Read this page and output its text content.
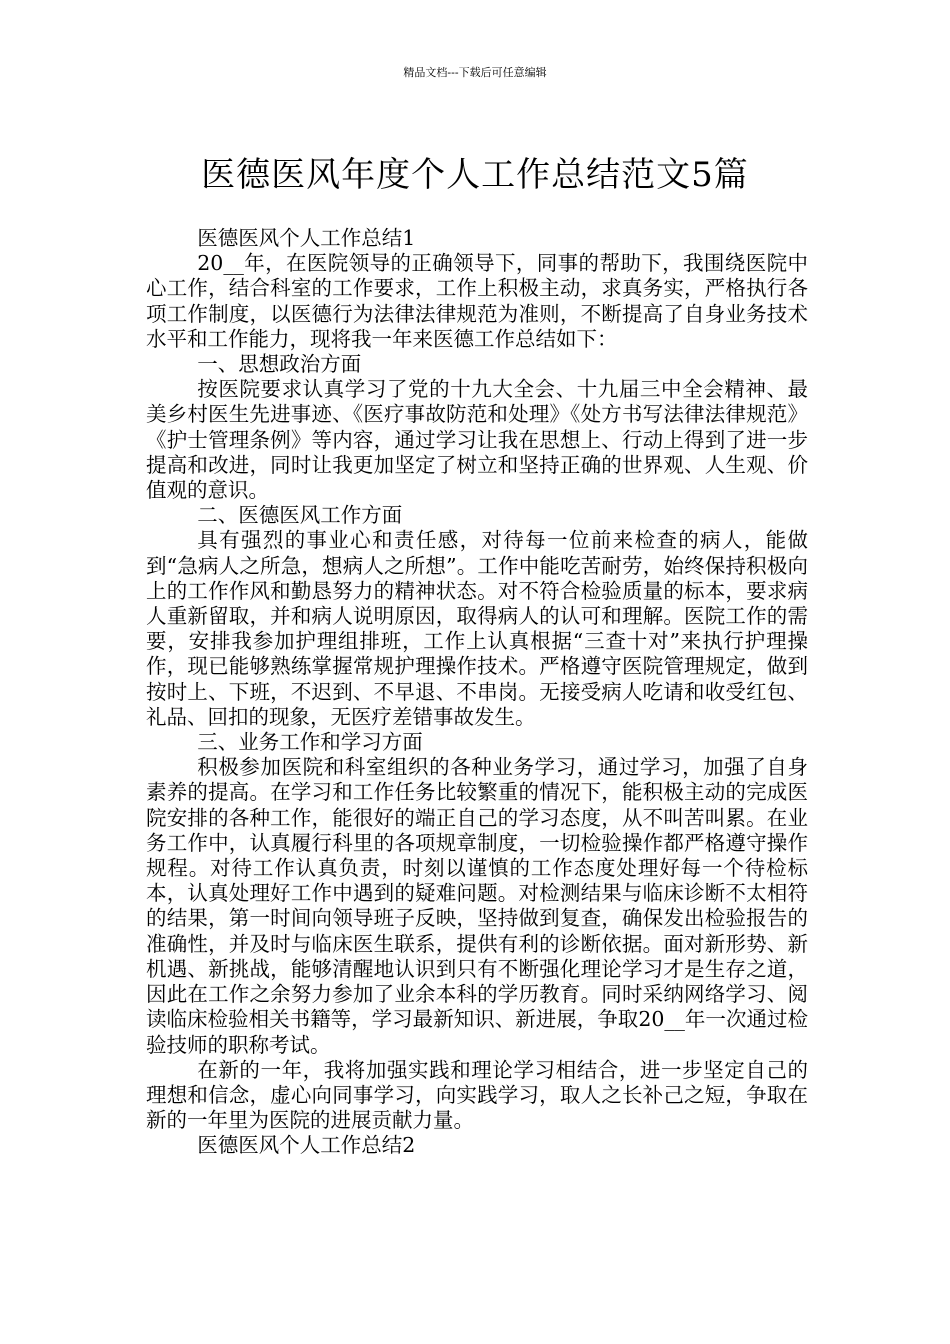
精品文档---下载后可任意编辑
医德医风年度个人工作总结范文5篇

医德医风个人工作总结1

20__年，在医院领导的正确领导下，同事的帮助下，我围绕医院中心工作，结合科室的工作要求，工作上积极主动，求真务实，严格执行各项工作制度，以医德行为法律法律规范为准则，不断提高了自身业务技术水平和工作能力，现将我一年来医德工作总结如下：

一、思想政治方面

按医院要求认真学习了党的十九大全会、十九届三中全会精神、最美乡村医生先进事迹、《医疗事故防范和处理》《处方书写法律法律规范》《护士管理条例》等内容，通过学习让我在思想上、行动上得到了进一步提高和改进，同时让我更加坚定了树立和坚持正确的世界观、人生观、价值观的意识。

二、医德医风工作方面

具有强烈的事业心和责任感，对待每一位前来检查的病人，能做到“急病人之所急，想病人之所想”。工作中能吃苦耐劳，始终保持积极向上的工作作风和勤恳努力的精神状态。对不符合检验质量的标本，要求病人重新留取，并和病人说明原因，取得病人的认可和理解。医院工作的需要，安排我参加护理组排班，工作上认真根据“三查十对”来执行护理操作，现已能够熟练掌握常规护理操作技术。严格遵守医院管理规定，做到按时上、下班，不迟到、不早退、不串岗。无接受病人吃请和收受红包、礼品、回扣的现象，无医疗差错事故发生。

三、业务工作和学习方面

积极参加医院和科室组织的各种业务学习，通过学习，加强了自身素养的提高。在学习和工作任务比较繁重的情况下，能积极主动的完成医院安排的各种工作，能很好的端正自己的学习态度，从不叫苦叫累。在业务工作中，认真履行科里的各项规章制度，一切检验操作都严格遵守操作规程。对待工作认真负责，时刻以谨慎的工作态度处理好每一个待检标本，认真处理好工作中遇到的疑难问题。对检测结果与临床诊断不太相符的结果，第一时间向领导班子反映，坚持做到复查，确保发出检验报告的准确性，并及时与临床医生联系，提供有利的诊断依据。面对新形势、新机遇、新挑战，能够清醒地认识到只有不断强化理论学习才是生存之道，因此在工作之余努力参加了业余本科的学历教育。同时采纳网络学习、阅读临床检验相关书籍等，学习最新知识、新进展，争取20__年一次通过检验技师的职称考试。

在新的一年，我将加强实践和理论学习相结合，进一步坚定自己的理想和信念，虚心向同事学习，向实践学习，取人之长补己之短，争取在新的一年里为医院的进展贡献力量。

医德医风个人工作总结2
